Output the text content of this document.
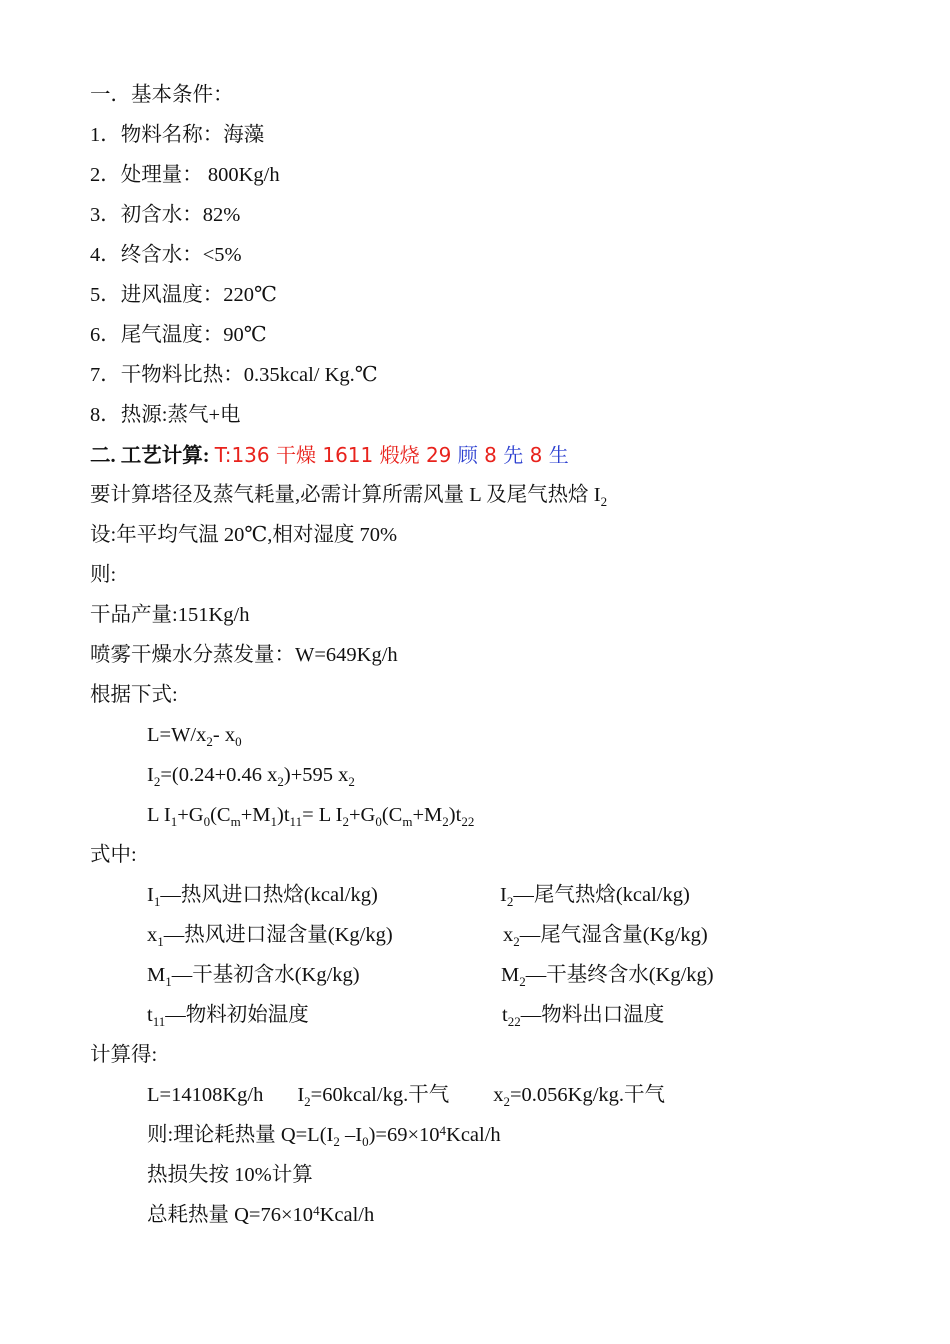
一．基本条件：
1．物料名称：海藻
2．处理量： 800Kg/h
3．初含水：82%
4．终含水：<5%
5．进风温度：220℃
6．尾气温度：90℃
7．干物料比热：0.35kcal/ Kg.℃
8．热源:蒸气+电
二. 工艺计算: T:136 干燥 1611 煅烧 29 顾 8 先 8 生
要计算塔径及蒸气耗量,必需计算所需风量 L 及尾气热焓 $I_2$
设:年平均气温 20℃,相对湿度 70%
则:
干品产量:151Kg/h
喷雾干燥水分蒸发量：W=649Kg/h
根据下式:
$L=W/x_2-$ $x_0$
$I_2=(0.24+0.46$ $x_2)+595$ $x_2$
L $I_1+G_0(C_m+M_1)t_{11}= L$ $I_2+G_0(C_m+M_2)t_{22}$
式中:
$I_1—$热风进口热焓(kcal/kg)	$I_2—$尾气热焓(kcal/kg)
$x_1—$热风进口湿含量(Kg/kg)	$x_2—$尾气湿含量(Kg/kg)
$M_1—$干基初含水(Kg/kg)	$M_2—$干基终含水(Kg/kg)
$t_{11}—$物料初始温度	$t_{22}—$物料出口温度
计算得:
L=14108Kg/h $I_2=60kcal/kg$.干气 $x_2=0.056Kg/kg$.干气
则:理论耗热量 $Q=L(I_2$ $-I_0)=69\times 10^4Kcal/h$
热损失按 10%计算
总耗热量 $Q=76\times 10^4Kcal/h$
